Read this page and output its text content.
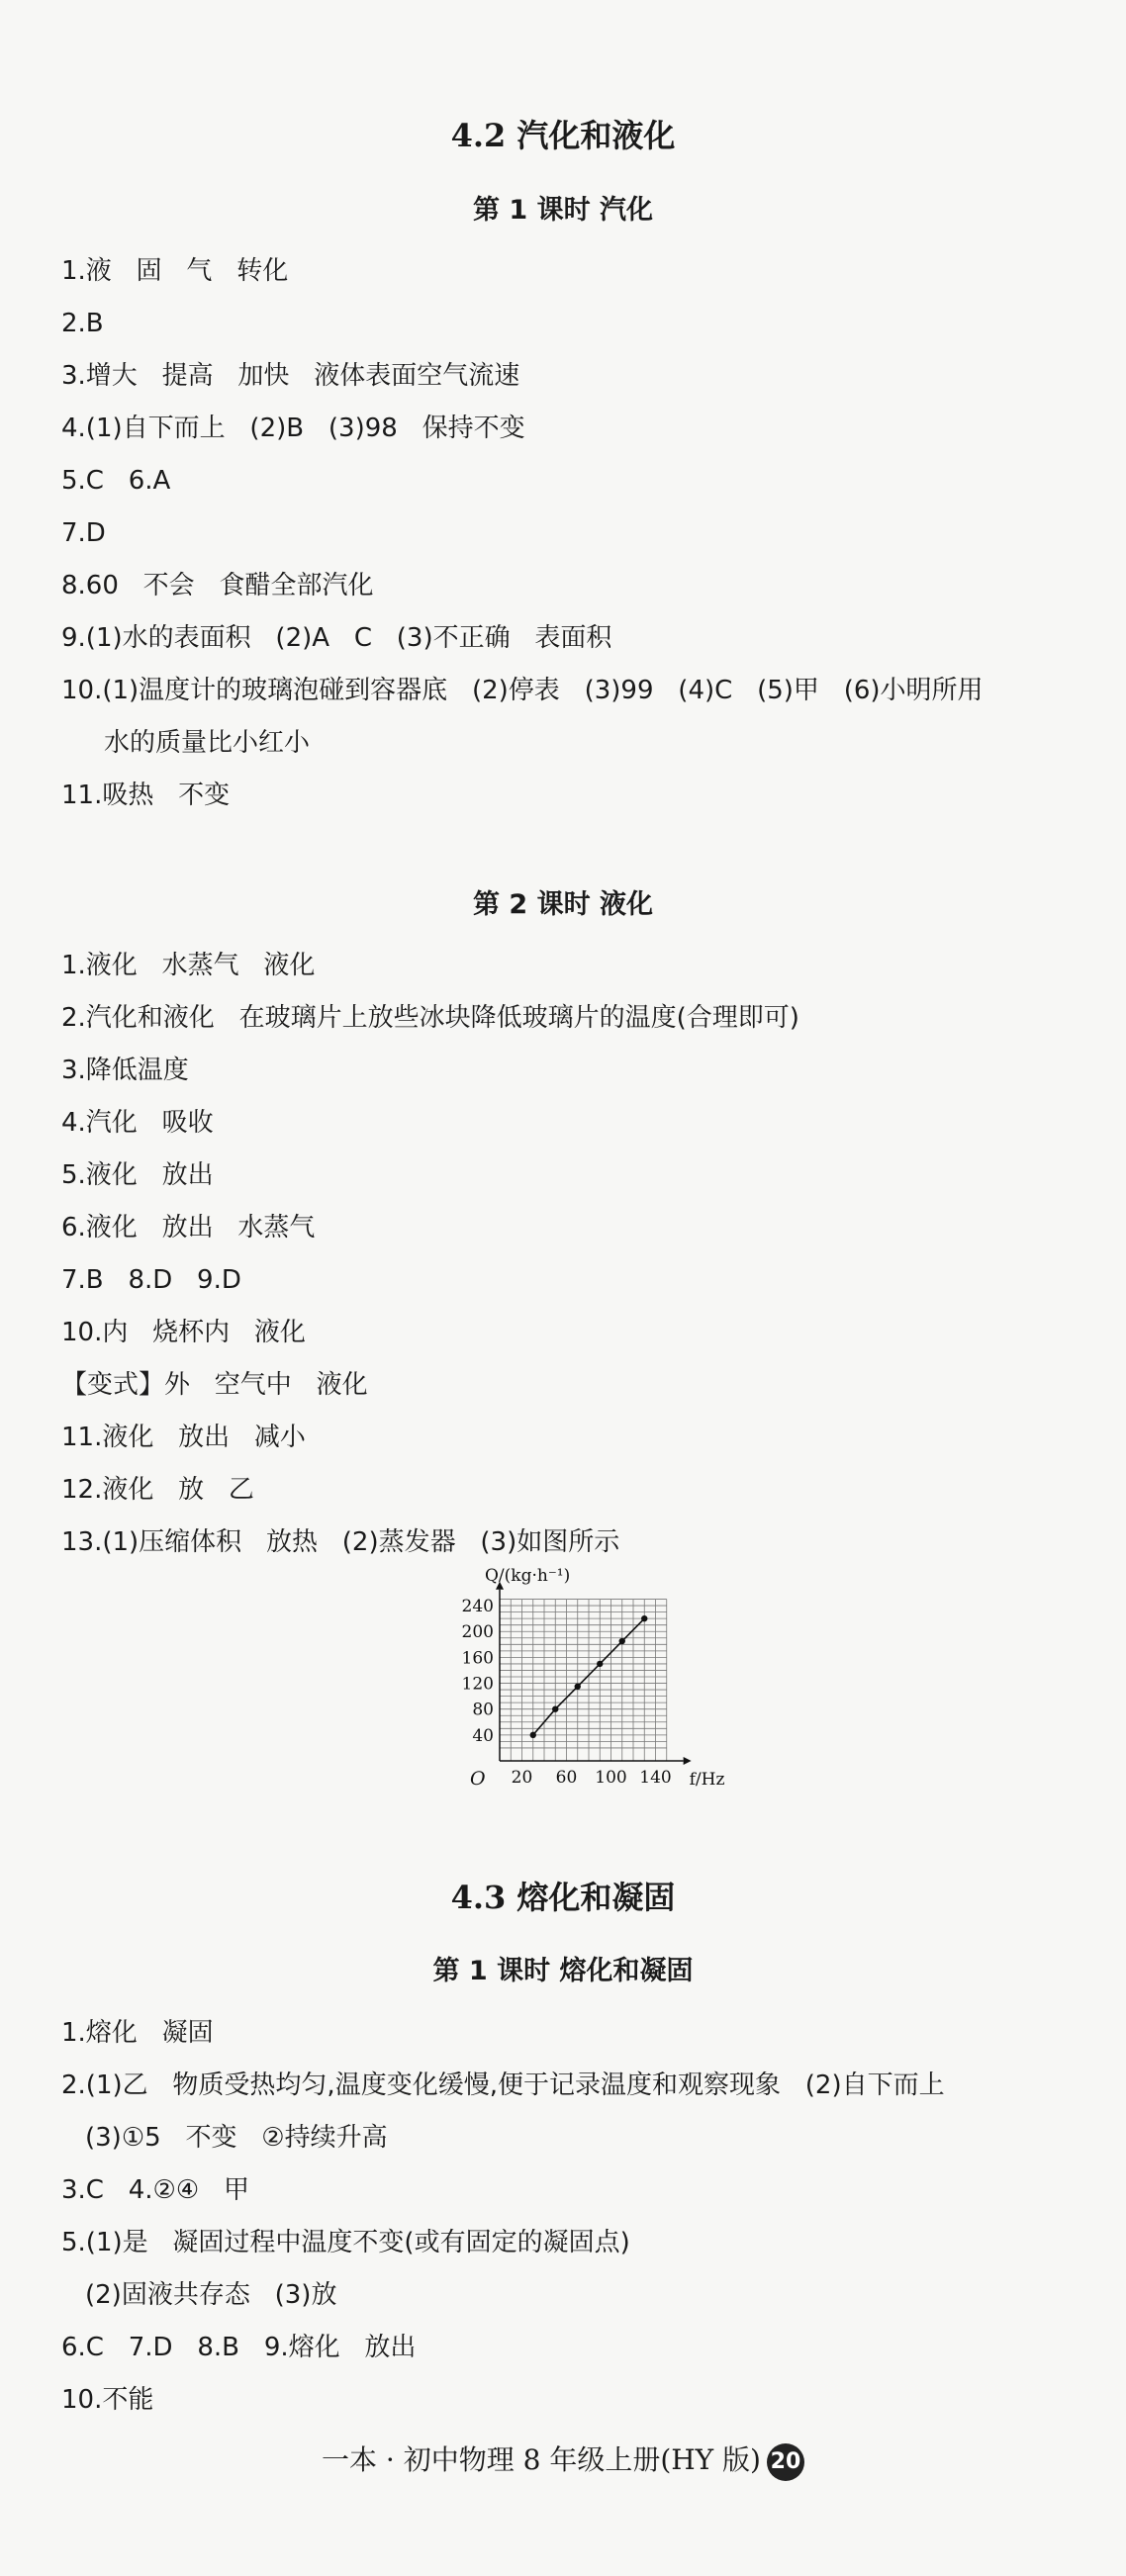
4.2 汽化和液化
第 1 课时 汽化
1.液   固   气   转化
2.B
3.增大   提高   加快   液体表面空气流速
4.(1)自下而上   (2)B   (3)98   保持不变
5.C   6.A
7.D
8.60   不会   食醋全部汽化
9.(1)水的表面积   (2)A   C   (3)不正确   表面积
10.(1)温度计的玻璃泡碰到容器底   (2)停表   (3)99   (4)C   (5)甲   (6)小明所用
水的质量比小红小
11.吸热   不变
第 2 课时 液化
1.液化   水蒸气   液化
2.汽化和液化   在玻璃片上放些冰块降低玻璃片的温度(合理即可)
3.降低温度
4.汽化   吸收
5.液化   放出
6.液化   放出   水蒸气
7.B   8.D   9.D
10.内   烧杯内   液化
【变式】外   空气中   液化
11.液化   放出   减小
12.液化   放   乙
13.(1)压缩体积   放热   (2)蒸发器   (3)如图所示
20 60 100 140
40
80
120
160
200
240
O
Q/(kg·h⁻¹)
f/Hz
4.3 熔化和凝固
第 1 课时 熔化和凝固
1.熔化   凝固
2.(1)乙   物质受热均匀,温度变化缓慢,便于记录温度和观察现象   (2)自下而上
(3)①5   不变   ②持续升高
3.C   4.②④   甲
5.(1)是   凝固过程中温度不变(或有固定的凝固点)
(2)固液共存态   (3)放
6.C   7.D   8.B   9.熔化   放出
10.不能
一本 · 初中物理 8 年级上册(HY 版) 20
